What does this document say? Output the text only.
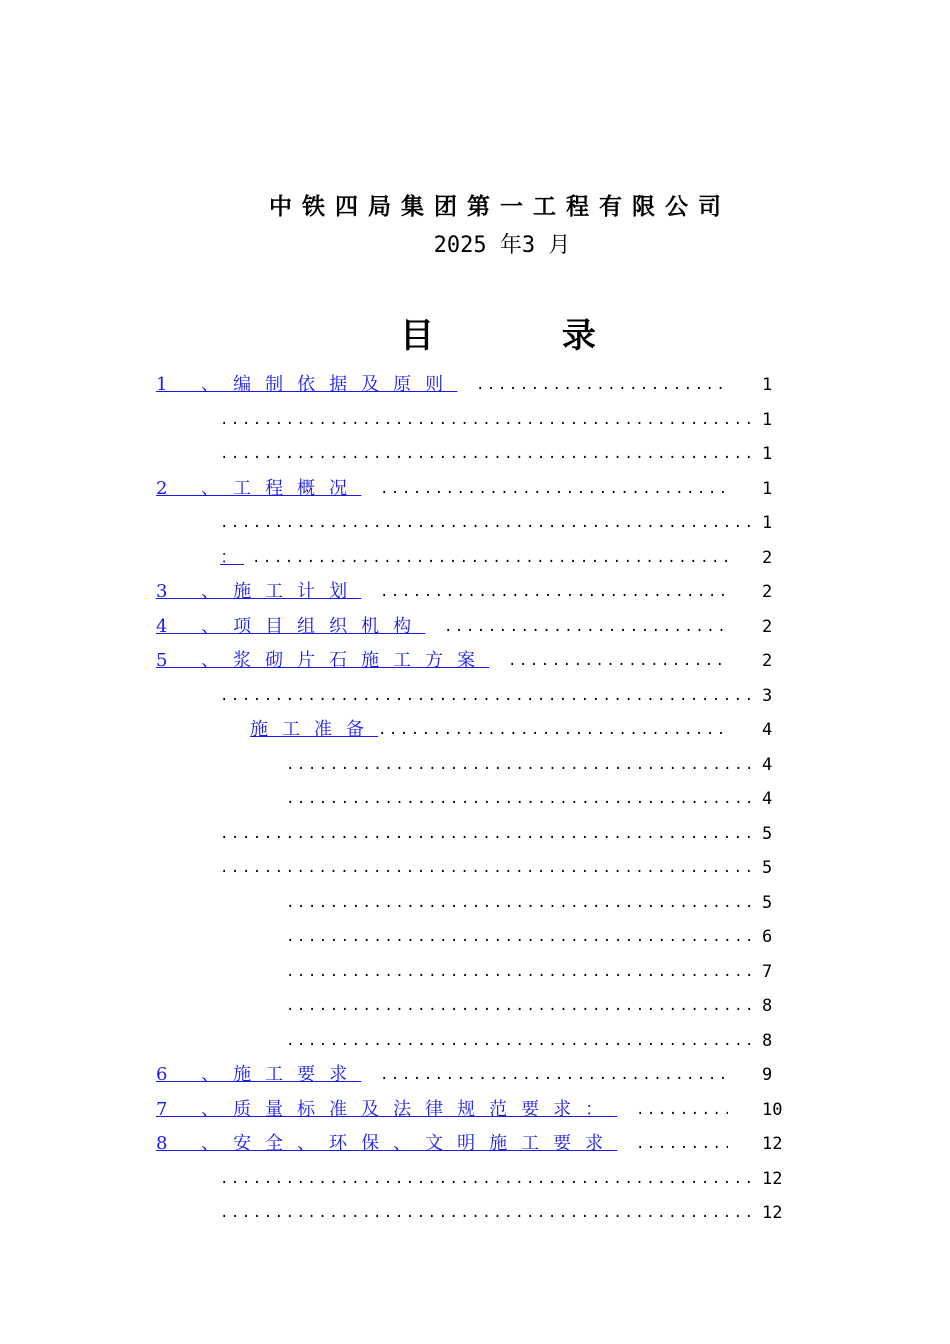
中铁四局集团第一工程有限公司
2025 年3 月
目 录
.....
1 、编制依据及原则	1
.....
1
.....
1
.....
2 、工程概况	1
.....
1
.....
：	2
.....
3 、施工计划	2
.....
4 、项目组织机构	2
.....
5 、浆砌片石施工方案	2
.....
3
.....
施工准备	4
.....
4
.....
4
.....
5
.....
5
.....
5
.....
6
.....
7
.....
8
.....
8
.....
6 、施工要求	9
.....
7 、质量标准及法律规范要求：	10
.....
8 、安全、环保、文明施工要求	12
.....
12
.....
12
